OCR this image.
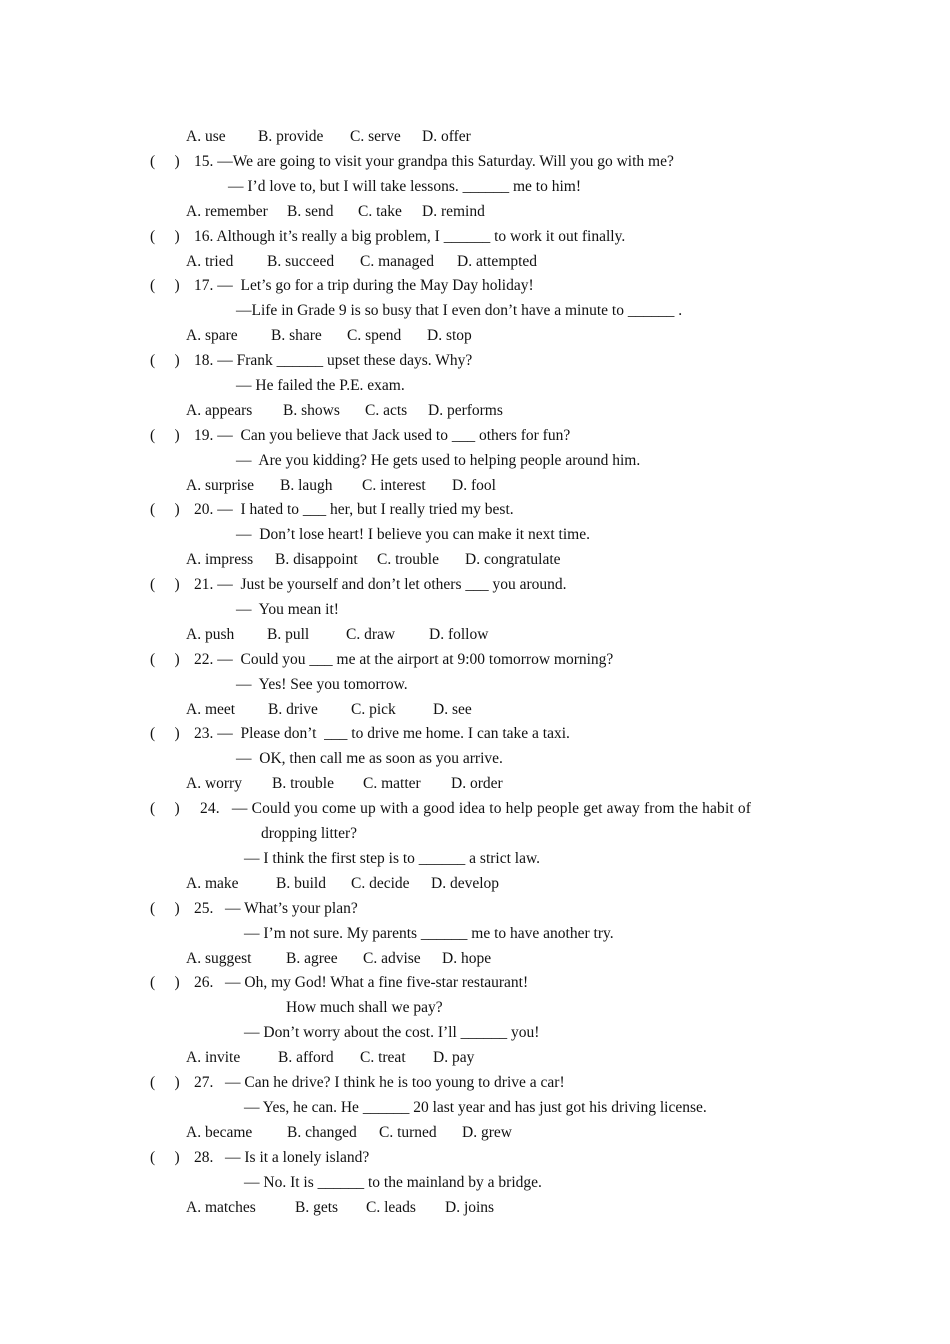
A. use B. provide C. serve D. offer
(　 ) 15. —We are going to visit your grandpa this Saturday. Will you go with me?
— I’d love to, but I will take lessons. ______ me to him!
A. remember B. send C. take D. remind
(　 ) 16. Although it’s really a big problem, I ______ to work it out finally.
A. tried B. succeed C. managed D. attempted
(　 ) 17. —  Let’s go for a trip during the May Day holiday!
—Life in Grade 9 is so busy that I even don’t have a minute to ______ .
A. spare B. share C. spend D. stop
(　 ) 18. — Frank ______ upset these days. Why?
— He failed the P.E. exam.
A. appears B. shows C. acts D. performs
(　 ) 19. —  Can you believe that Jack used to ___ others for fun?
—  Are you kidding? He gets used to helping people around him.
A. surprise B. laugh C. interest D. fool
(　 ) 20. —  I hated to ___ her, but I really tried my best.
—  Don’t lose heart! I believe you can make it next time.
A. impress B. disappoint C. trouble D. congratulate
(　 ) 21. —  Just be yourself and don’t let others ___ you around.
—  You mean it!
A. push B. pull C. draw D. follow
(　 ) 22. —  Could you ___ me at the airport at 9:00 tomorrow morning?
—  Yes! See you tomorrow.
A. meet B. drive C. pick D. see
(　 ) 23. —  Please don’t  ___ to drive me home. I can take a taxi.
—  OK, then call me as soon as you arrive.
A. worry B. trouble C. matter D. order
(　 ) 24.   — Could you come up with a good idea to help people get away from the habit of
dropping litter?
— I think the first step is to ______ a strict law.
A. make B. build C. decide D. develop
(　 ) 25.   — What’s your plan?
— I’m not sure. My parents ______ me to have another try.
A. suggest B. agree C. advise D. hope
(　 ) 26.   — Oh, my God! What a fine five-star restaurant!
How much shall we pay?
— Don’t worry about the cost. I’ll ______ you!
A. invite B. afford C. treat D. pay
(　 ) 27.   — Can he drive? I think he is too young to drive a car!
— Yes, he can. He ______ 20 last year and has just got his driving license.
A. became B. changed C. turned D. grew
(　 ) 28.   — Is it a lonely island?
— No. It is ______ to the mainland by a bridge.
A. matches	B. gets C. leads D. joins
